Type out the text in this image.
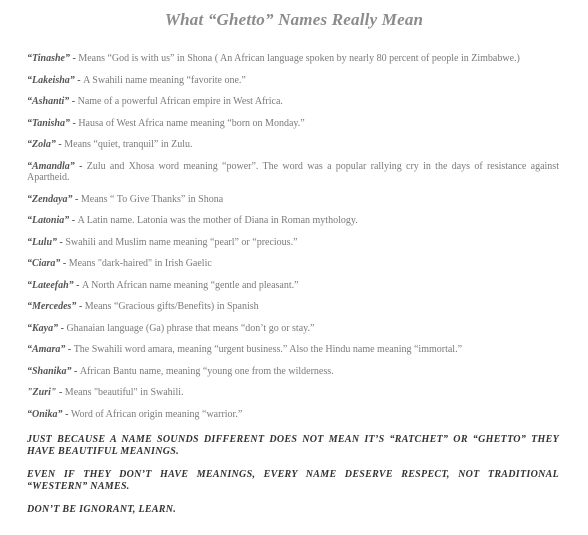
What “Ghetto” Names Really Mean

“Tinashe” - Means “God is with us” in Shona ( An African language spoken by nearly 80 percent of people in Zimbabwe.)

“Lakeisha” - A Swahili name meaning “favorite one.”

“Ashanti” - Name of a powerful African empire in West Africa.

“Tanisha” - Hausa of West Africa name meaning “born on Monday.”

“Zola” - Means “quiet, tranquil” in Zulu.

“Amandla” - Zulu and Xhosa word meaning “power”. The word was a popular rallying cry in the days of resistance against Apartheid.

“Zendaya” - Means “ To Give Thanks” in Shona

“Latonia” - A Latin name. Latonia was the mother of Diana in Roman mythology.

“Lulu” - Swahili and Muslim name meaning “pearl” or “precious.”

“Ciara” - Means "dark-haired" in Irish Gaelic

“Lateefah” - A North African name meaning “gentle and pleasant.”

“Mercedes” - Means “Gracious gifts/Benefits) in Spanish

“Kaya” - Ghanaian language (Ga) phrase that means “don’t go or stay.”

“Amara” - The Swahili word amara, meaning “urgent business.” Also the Hindu name meaning “immortal.”

“Shanika” - African Bantu name, meaning “young one from the wilderness.

"Zuri" - Means "beautiful" in Swahili.

“Onika” - Word of African origin meaning “warrior.”

JUST BECAUSE A NAME SOUNDS DIFFERENT DOES NOT MEAN IT’S “RATCHET” OR “GHETTO” THEY HAVE BEAUTIFUL MEANINGS.

EVEN IF THEY DON’T HAVE MEANINGS, EVERY NAME DESERVE RESPECT, NOT TRADITIONAL “WESTERN” NAMES.

DON’T BE IGNORANT, LEARN.
